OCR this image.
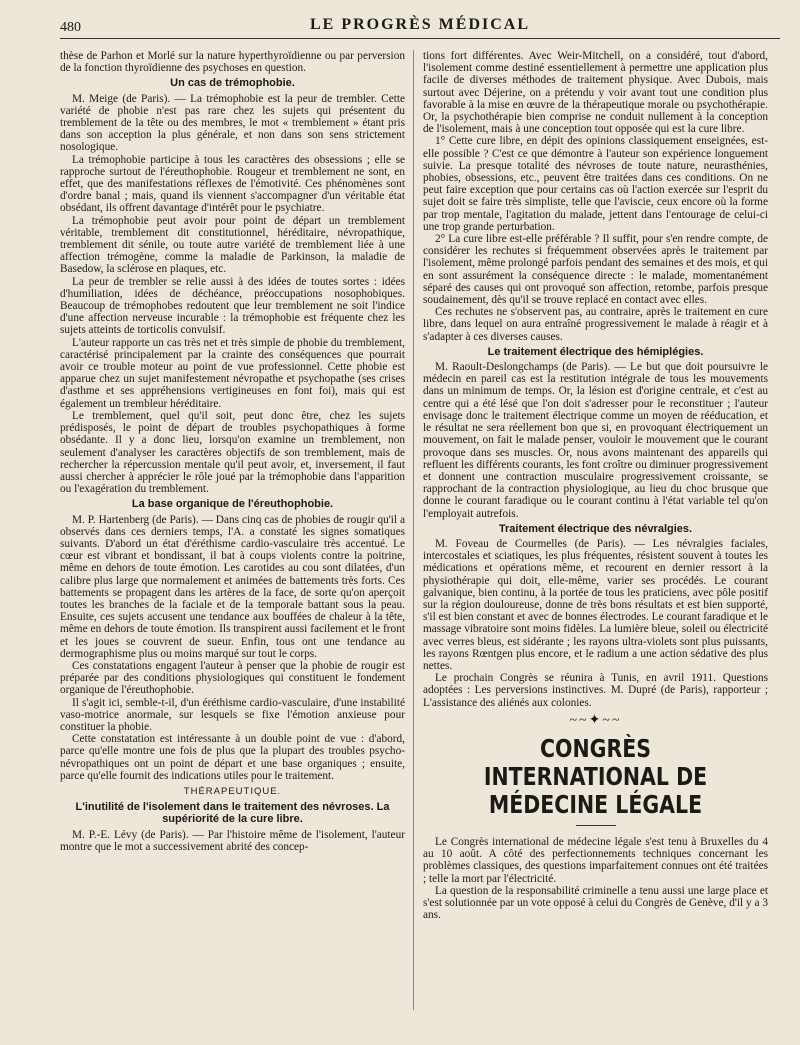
480	LE PROGRÈS MÉDICAL

thèse de Parhon et Morlé sur la nature hyperthyroïdienne ou par perversion de la fonction thyroïdienne des psychoses en question.

Un cas de trémophobie.

M. Meige (de Paris). — La trémophobie est la peur de trembler. Cette variété de phobie n'est pas rare chez les sujets qui présentent du tremblement de la tête ou des membres, le mot « tremblement » étant pris dans son acception la plus générale, et non dans son sens strictement nosologique.

La trémophobie participe à tous les caractères des obsessions ; elle se rapproche surtout de l'éreuthophobie. Rougeur et tremblement ne sont, en effet, que des manifestations réflexes de l'émotivité. Ces phénomènes sont d'ordre banal ; mais, quand ils viennent s'accompagner d'un véritable état obsédant, ils offrent davantage d'intérêt pour le psychiatre.

La trémophobie peut avoir pour point de départ un tremblement véritable, tremblement dit constitutionnel, héréditaire, névropathique, tremblement dit sénile, ou toute autre variété de tremblement liée à une affection trémogène, comme la maladie de Parkinson, la maladie de Basedow, la sclérose en plaques, etc.

La peur de trembler se relie aussi à des idées de toutes sortes : idées d'humiliation, idées de déchéance, préoccupations nosophobiques. Beaucoup de trémophobes redoutent que leur tremblement ne soit l'indice d'une affection nerveuse incurable : la trémophobie est fréquente chez les sujets atteints de torticolis convulsif.

L'auteur rapporte un cas très net et très simple de phobie du tremblement, caractérisé principalement par la crainte des conséquences que pourrait avoir ce trouble moteur au point de vue professionnel. Cette phobie est apparue chez un sujet manifestement névropathe et psychopathe (ses crises d'asthme et ses appréhensions vertigineuses en font foi), mais qui est également un trembleur héréditaire.

Le tremblement, quel qu'il soit, peut donc être, chez les sujets prédisposés, le point de départ de troubles psychopathiques à forme obsédante. Il y a donc lieu, lorsqu'on examine un tremblement, non seulement d'analyser les caractères objectifs de son tremblement, mais de rechercher la répercussion mentale qu'il peut avoir, et, inversement, il faut aussi chercher à apprécier le rôle joué par la trémophobie dans l'apparition ou l'exagération du tremblement.

La base organique de l'éreuthophobie.

M. P. Hartenberg (de Paris). — Dans cinq cas de phobies de rougir qu'il a observés dans ces derniers temps, l'A. a constaté les signes somatiques suivants. D'abord un état d'éréthisme cardio-vasculaire très accentué. Le cœur est vibrant et bondissant, il bat à coups violents contre la poitrine, même en dehors de toute émotion. Les carotides au cou sont dilatées, d'un calibre plus large que normalement et animées de battements très forts. Ces battements se propagent dans les artères de la face, de sorte qu'on aperçoit toutes les branches de la faciale et de la temporale battant sous la peau. Ensuite, ces sujets accusent une tendance aux bouffées de chaleur à la tête, même en dehors de toute émotion. Ils transpirent aussi facilement et le front et les joues se couvrent de sueur. Enfin, tous ont une tendance au dermographisme plus ou moins marqué sur tout le corps.

Ces constatations engagent l'auteur à penser que la phobie de rougir est préparée par des conditions physiologiques qui constituent le fondement organique de l'éreuthophobie.

Il s'agit ici, semble-t-il, d'un éréthisme cardio-vasculaire, d'une instabilité vaso-motrice anormale, sur lesquels se fixe l'émotion anxieuse pour constituer la phobie.

Cette constatation est intéressante à un double point de vue : d'abord, parce qu'elle montre une fois de plus que la plupart des troubles psycho-névropathiques ont un point de départ et une base organiques ; ensuite, parce qu'elle fournit des indications utiles pour le traitement.

THÉRAPEUTIQUE.
L'inutilité de l'isolement dans le traitement des névroses. La supériorité de la cure libre.

M. P.-E. Lévy (de Paris). — Par l'histoire même de l'isolement, l'auteur montre que le mot a successivement abrité des concep-

tions fort différentes. Avec Weir-Mitchell, on a considéré, tout d'abord, l'isolement comme destiné essentiellement à permettre une application plus facile de diverses méthodes de traitement physique. Avec Dubois, mais surtout avec Déjerine, on a prétendu y voir avant tout une condition plus favorable à la mise en œuvre de la thérapeutique morale ou psychothérapie. Or, la psychothérapie bien comprise ne conduit nullement à la conception de l'isolement, mais à une conception tout opposée qui est la cure libre.

1° Cette cure libre, en dépit des opinions classiquement enseignées, est-elle possible ? C'est ce que démontre à l'auteur son expérience longuement suivie. La presque totalité des névroses de toute nature, neurasthénies, phobies, obsessions, etc., peuvent être traitées dans ces conditions. On ne peut faire exception que pour certains cas où l'action exercée sur l'esprit du sujet doit se faire très simpliste, telle que l'aviscie, ceux encore où la forme par trop mentale, l'agitation du malade, jettent dans l'entourage de celui-ci une trop grande perturbation.

2° La cure libre est-elle préférable ? Il suffit, pour s'en rendre compte, de considérer les rechutes si fréquemment observées après le traitement par l'isolement, même prolongé parfois pendant des semaines et des mois, et qui en sont assurément la conséquence directe : le malade, momentanément séparé des causes qui ont provoqué son affection, retombe, parfois presque soudainement, dès qu'il se trouve replacé en contact avec elles.

Ces rechutes ne s'observent pas, au contraire, après le traitement en cure libre, dans lequel on aura entraîné progressivement le malade à réagir et à s'adapter à ces diverses causes.

Le traitement électrique des hémiplégies.

M. Raoult-Deslongchamps (de Paris). — Le but que doit poursuivre le médecin en pareil cas est la restitution intégrale de tous les mouvements dans un minimum de temps. Or, la lésion est d'origine centrale, et c'est au centre qui a été lésé que l'on doit s'adresser pour le reconstituer ; l'auteur envisage donc le traitement électrique comme un moyen de rééducation, et le résultat ne sera réellement bon que si, en provoquant électriquement un mouvement, on fait le malade penser, vouloir le mouvement que le courant provoque dans ses muscles. Or, nous avons maintenant des appareils qui refluent les différents courants, les font croître ou diminuer progressivement et donnent une contraction musculaire progressivement croissante, se rapprochant de la contraction physiologique, au lieu du choc brusque que donne le courant faradique ou le courant continu à l'état variable tel qu'on l'employait autrefois.

Traitement électrique des névralgies.

M. Foveau de Courmelles (de Paris). — Les névralgies faciales, intercostales et sciatiques, les plus fréquentes, résistent souvent à toutes les médications et opérations même, et recourent en dernier ressort à la physiothérapie qui doit, elle-même, varier ses procédés. Le courant galvanique, bien continu, à la portée de tous les praticiens, avec pôle positif sur la région douloureuse, donne de très bons résultats et est bien supporté, s'il est bien constant et avec de bonnes électrodes. Le courant faradique et le massage vibratoire sont moins fidèles. La lumière bleue, soleil ou électricité avec verres bleus, est sidérante ; les rayons ultra-violets sont plus puissants, les rayons Rœntgen plus encore, et le radium a une action sédative des plus nettes.

Le prochain Congrès se réunira à Tunis, en avril 1911. Questions adoptées : Les perversions instinctives. M. Dupré (de Paris), rapporteur ; L'assistance des aliénés aux colonies.

~~✦~~
CONGRÈS INTERNATIONAL DE MÉDECINE LÉGALE

Le Congrès international de médecine légale s'est tenu à Bruxelles du 4 au 10 août. A côté des perfectionnements techniques concernant les problèmes classiques, des questions imparfaitement connues ont été traitées ; telle la mort par l'électricité.

La question de la responsabilité criminelle a tenu aussi une large place et s'est solutionnée par un vote opposé à celui du Congrès de Genève, d'il y a 3 ans.
